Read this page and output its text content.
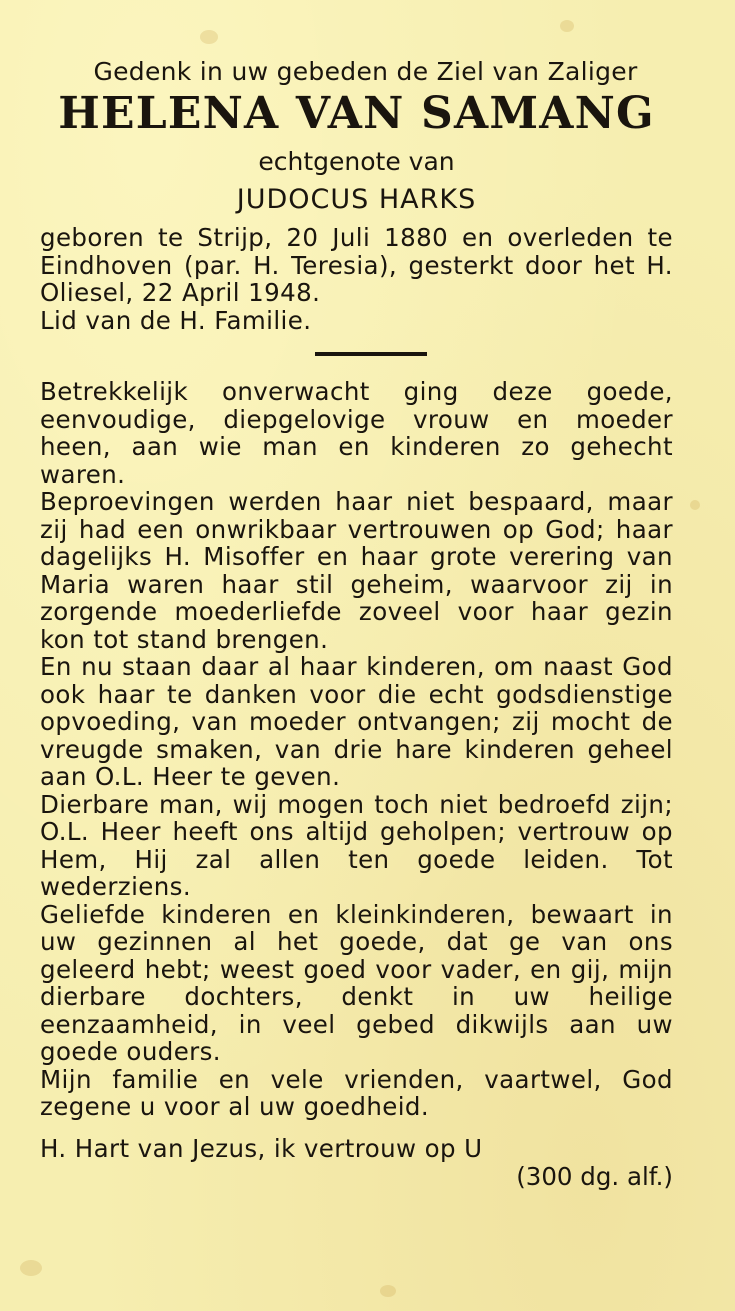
Gedenk in uw gebeden de Ziel van Zaliger
HELENA VAN SAMANG
echtgenote van
JUDOCUS HARKS
geboren te Strijp, 20 Juli 1880 en overleden te Eindhoven (par. H. Teresia), gesterkt door het H. Oliesel, 22 April 1948.
Lid van de H. Familie.

Betrekkelijk onverwacht ging deze goede, eenvoudige, diepgelovige vrouw en moeder heen, aan wie man en kinderen zo gehecht waren.

Beproevingen werden haar niet bespaard, maar zij had een onwrikbaar vertrouwen op God; haar dagelijks H. Misoffer en haar grote verering van Maria waren haar stil geheim, waarvoor zij in zorgende moederliefde zoveel voor haar gezin kon tot stand brengen.

En nu staan daar al haar kinderen, om naast God ook haar te danken voor die echt godsdienstige opvoeding, van moeder ontvangen; zij mocht de vreugde smaken, van drie hare kinderen geheel aan O.L. Heer te geven.

Dierbare man, wij mogen toch niet bedroefd zijn; O.L. Heer heeft ons altijd geholpen; vertrouw op Hem, Hij zal allen ten goede leiden. Tot wederziens.

Geliefde kinderen en kleinkinderen, bewaart in uw gezinnen al het goede, dat ge van ons geleerd hebt; weest goed voor vader, en gij, mijn dierbare dochters, denkt in uw heilige eenzaamheid, in veel gebed dikwijls aan uw goede ouders.

Mijn familie en vele vrienden, vaartwel, God zegene u voor al uw goedheid.

H. Hart van Jezus, ik vertrouw op U
(300 dg. alf.)
